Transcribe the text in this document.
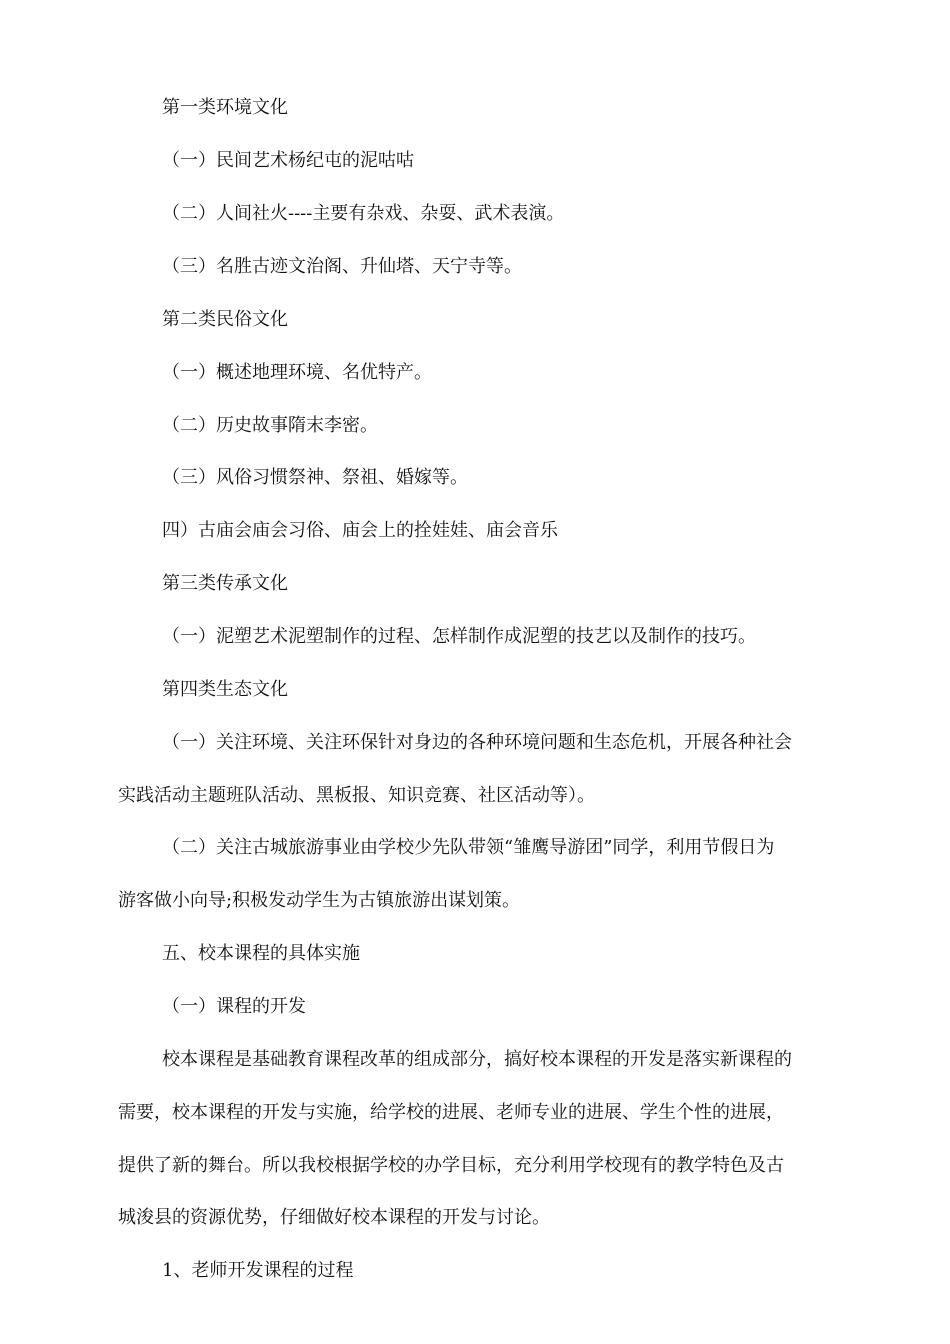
第一类环境文化
（一）民间艺术杨纪屯的泥咕咕
（二）人间社火----主要有杂戏、杂耍、武术表演。
（三）名胜古迹文治阁、升仙塔、天宁寺等。
第二类民俗文化
（一）概述地理环境、名优特产。
（二）历史故事隋末李密。
（三）风俗习惯祭神、祭祖、婚嫁等。
四）古庙会庙会习俗、庙会上的拴娃娃、庙会音乐
第三类传承文化
（一）泥塑艺术泥塑制作的过程、怎样制作成泥塑的技艺以及制作的技巧。
第四类生态文化
（一）关注环境、关注环保针对身边的各种环境问题和生态危机，开展各种社会
实践活动主题班队活动、黑板报、知识竞赛、社区活动等）。
（二）关注古城旅游事业由学校少先队带领“雏鹰导游团”同学，利用节假日为
游客做小向导;积极发动学生为古镇旅游出谋划策。
五、校本课程的具体实施
（一）课程的开发
校本课程是基础教育课程改革的组成部分，搞好校本课程的开发是落实新课程的
需要，校本课程的开发与实施，给学校的进展、老师专业的进展、学生个性的进展，
提供了新的舞台。所以我校根据学校的办学目标，充分利用学校现有的教学特色及古
城浚县的资源优势，仔细做好校本课程的开发与讨论。
1、老师开发课程的过程
